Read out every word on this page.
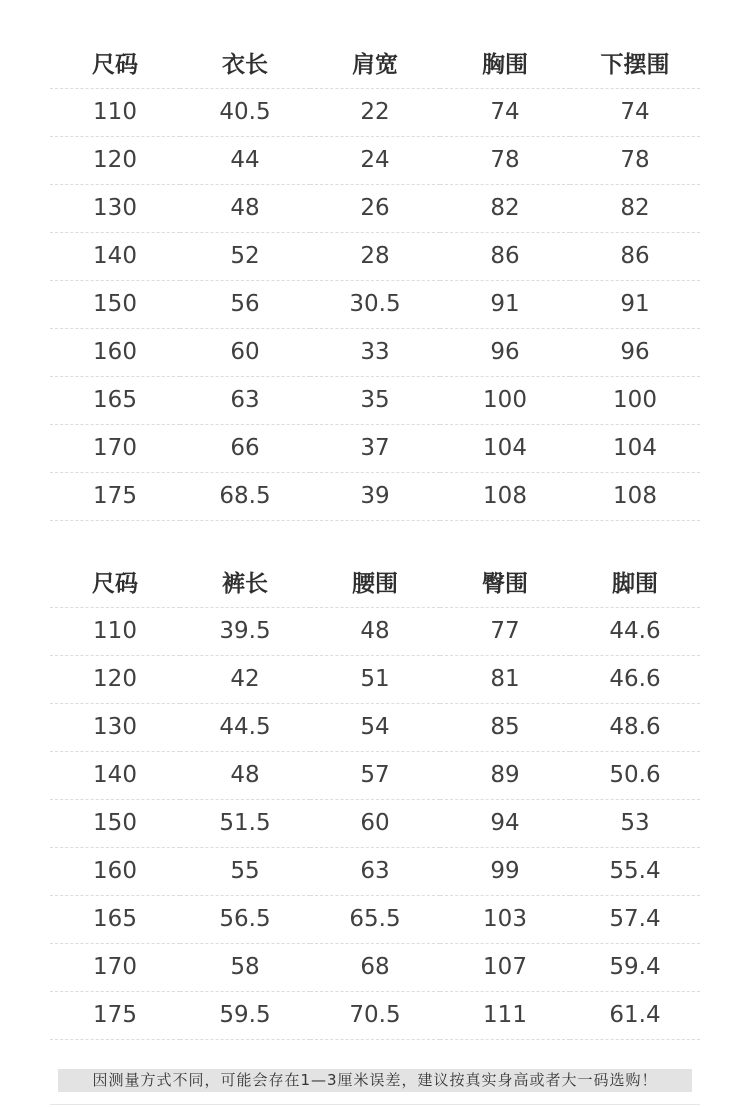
尺码	衣长	肩宽	胸围	下摆围
110	40.5	22	74	74
120	44	24	78	78
130	48	26	82	82
140	52	28	86	86
150	56	30.5	91	91
160	60	33	96	96
165	63	35	100	100
170	66	37	104	104
175	68.5	39	108	108
尺码	裤长	腰围	臀围	脚围
110	39.5	48	77	44.6
120	42	51	81	46.6
130	44.5	54	85	48.6
140	48	57	89	50.6
150	51.5	60	94	53
160	55	63	99	55.4
165	56.5	65.5	103	57.4
170	58	68	107	59.4
175	59.5	70.5	111	61.4
因测量方式不同，可能会存在1—3厘米误差，建议按真实身高或者大一码选购！
